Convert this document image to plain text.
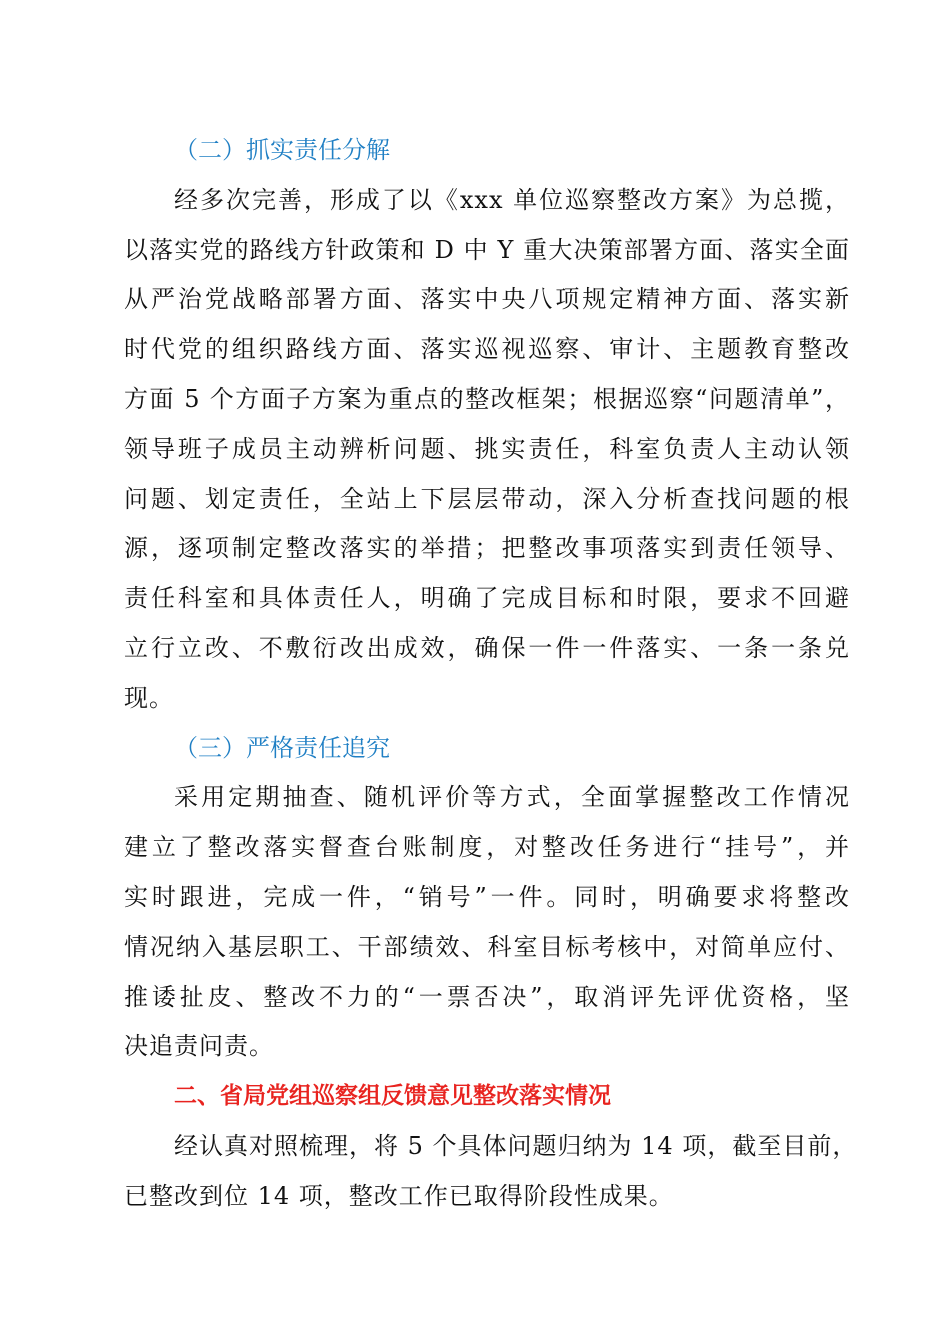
（二）抓实责任分解
经多次完善，形成了以《xxx 单位巡察整改方案》为总揽，
以落实党的路线方针政策和 D 中 Y 重大决策部署方面、落实全面
从严治党战略部署方面、落实中央八项规定精神方面、落实新
时代党的组织路线方面、落实巡视巡察、审计、主题教育整改
方面 5 个方面子方案为重点的整改框架；根据巡察“问题清单”，
领导班子成员主动辨析问题、挑实责任，科室负责人主动认领
问题、划定责任，全站上下层层带动，深入分析查找问题的根
源，逐项制定整改落实的举措；把整改事项落实到责任领导、
责任科室和具体责任人，明确了完成目标和时限，要求不回避
立行立改、不敷衍改出成效，确保一件一件落实、一条一条兑
现。
（三）严格责任追究
采用定期抽查、随机评价等方式，全面掌握整改工作情况
建立了整改落实督查台账制度，对整改任务进行“挂号”，并
实时跟进，完成一件，“销号”一件。同时，明确要求将整改
情况纳入基层职工、干部绩效、科室目标考核中，对简单应付、
推诿扯皮、整改不力的“一票否决”，取消评先评优资格，坚
决追责问责。
二、省局党组巡察组反馈意见整改落实情况
经认真对照梳理，将 5 个具体问题归纳为 14 项，截至目前，
已整改到位 14 项，整改工作已取得阶段性成果。
